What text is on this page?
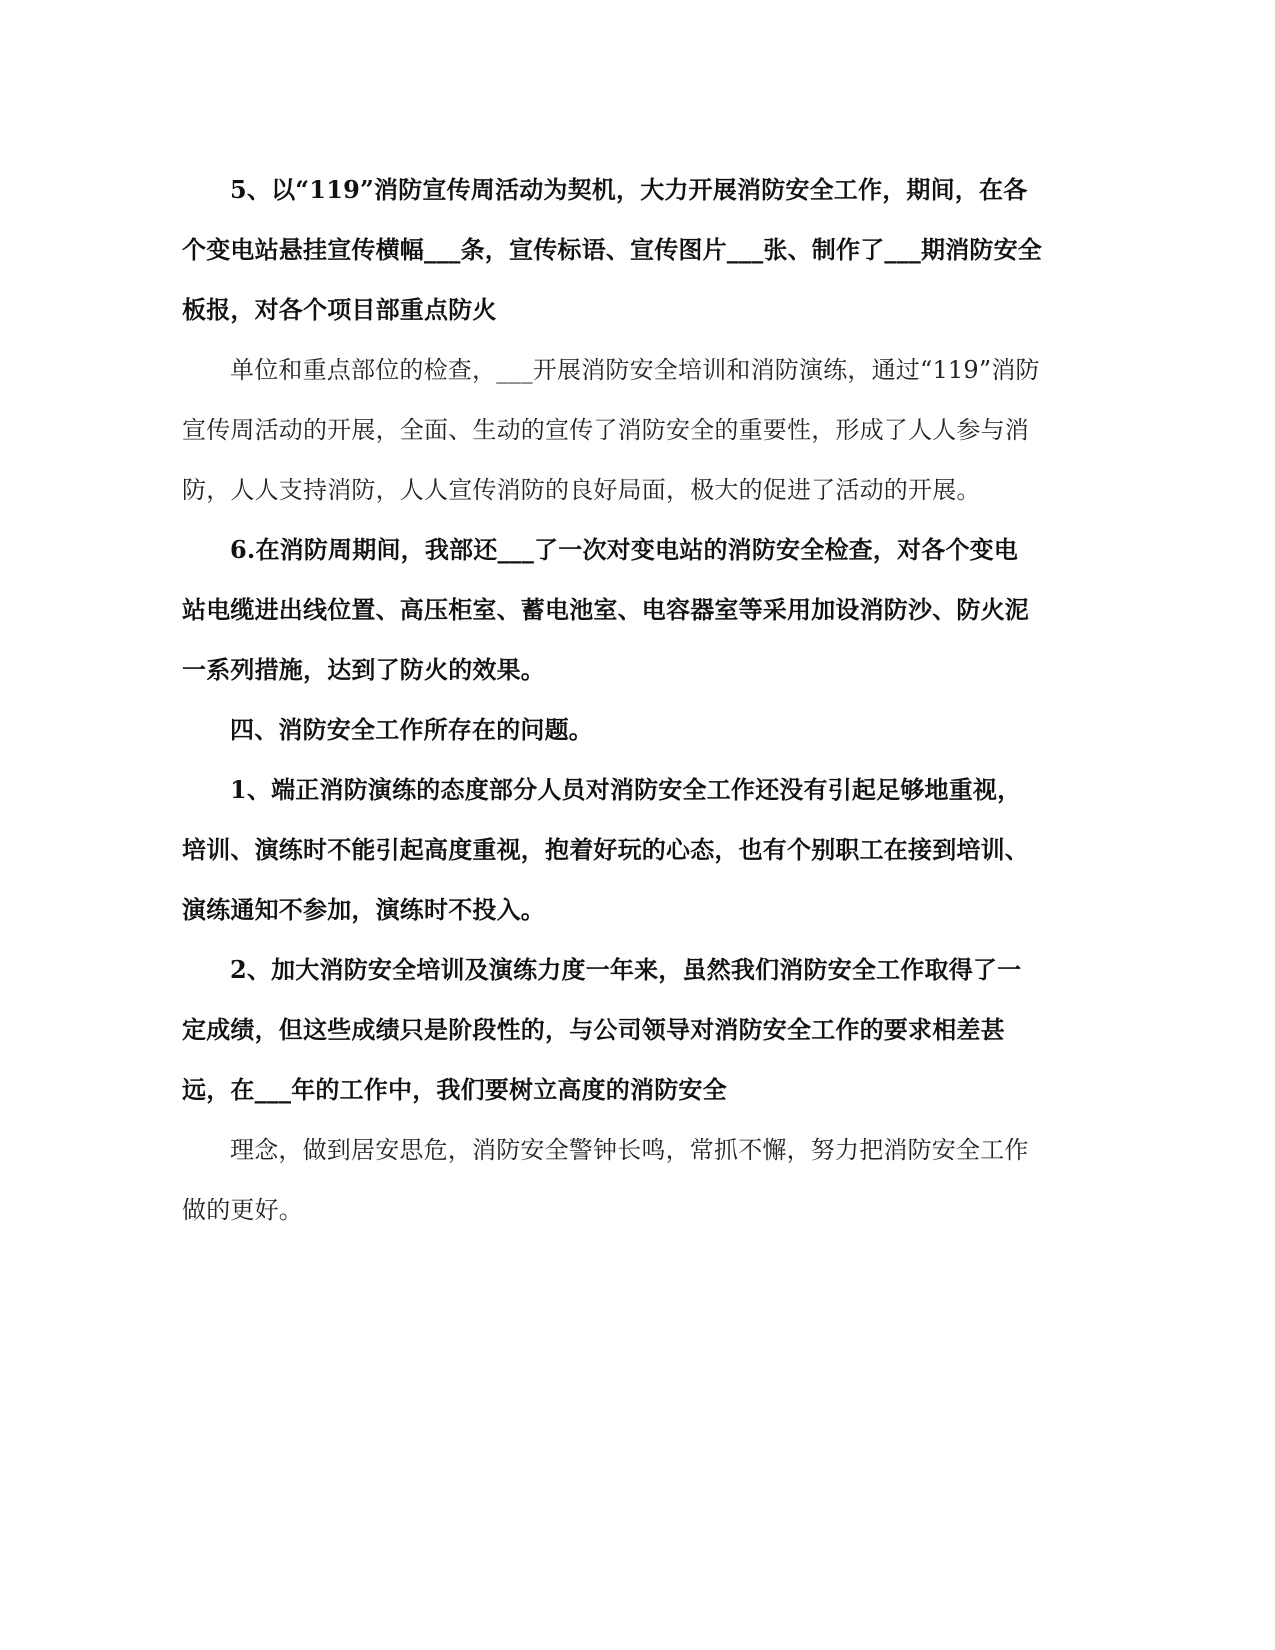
5、以“119”消防宣传周活动为契机，大力开展消防安全工作，期间，在各个变电站悬挂宣传横幅___条，宣传标语、宣传图片___张、制作了___期消防安全板报，对各个项目部重点防火

单位和重点部位的检查，___开展消防安全培训和消防演练，通过“119”消防宣传周活动的开展，全面、生动的宣传了消防安全的重要性，形成了人人参与消防，人人支持消防，人人宣传消防的良好局面，极大的促进了活动的开展。

6.在消防周期间，我部还___了一次对变电站的消防安全检查，对各个变电站电缆进出线位置、高压柜室、蓄电池室、电容器室等采用加设消防沙、防火泥一系列措施，达到了防火的效果。

四、消防安全工作所存在的问题。

1、端正消防演练的态度部分人员对消防安全工作还没有引起足够地重视，培训、演练时不能引起高度重视，抱着好玩的心态，也有个别职工在接到培训、演练通知不参加，演练时不投入。

2、加大消防安全培训及演练力度一年来，虽然我们消防安全工作取得了一定成绩，但这些成绩只是阶段性的，与公司领导对消防安全工作的要求相差甚远，在___年的工作中，我们要树立高度的消防安全

理念，做到居安思危，消防安全警钟长鸣，常抓不懈，努力把消防安全工作做的更好。
